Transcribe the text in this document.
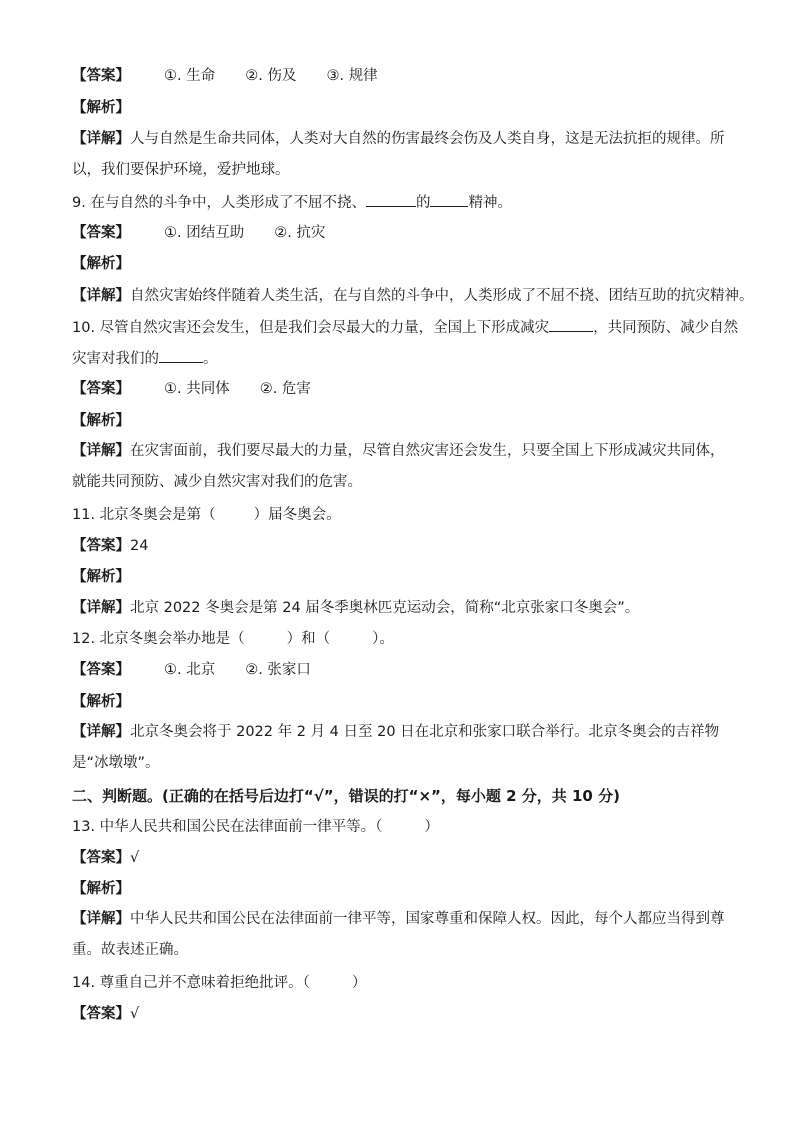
【答案】 ①. 生命 ②. 伤及 ③. 规律
【解析】
【详解】人与自然是生命共同体，人类对大自然的伤害最终会伤及人类自身，这是无法抗拒的规律。所以，我们要保护环境，爱护地球。
9. 在与自然的斗争中，人类形成了不屈不挠、	的	精神。
【答案】 ①. 团结互助 ②. 抗灾
【解析】
【详解】自然灾害始终伴随着人类生活，在与自然的斗争中，人类形成了不屈不挠、团结互助的抗灾精神。
10. 尽管自然灾害还会发生，但是我们会尽最大的力量，全国上下形成减灾	，共同预防、减少自然
灾害对我们的	。
【答案】 ①. 共同体 ②. 危害
【解析】
【详解】在灾害面前，我们要尽最大的力量，尽管自然灾害还会发生，只要全国上下形成减灾共同体，就能共同预防、减少自然灾害对我们的危害。
11. 北京冬奥会是第（	）届冬奥会。
【答案】24
【解析】
【详解】北京 2022 冬奥会是第 24 届冬季奥林匹克运动会，简称“北京张家口冬奥会”。
12. 北京冬奥会举办地是（	）和（	）。
【答案】 ①. 北京 ②. 张家口
【解析】
【详解】北京冬奥会将于 2022 年 2 月 4 日至 20 日在北京和张家口联合举行。北京冬奥会的吉祥物是“冰墩墩”。
二、判断题。(正确的在括号后边打“√”，错误的打“×”，每小题 2 分，共 10 分)
13. 中华人民共和国公民在法律面前一律平等。（	）
【答案】√
【解析】
【详解】中华人民共和国公民在法律面前一律平等，国家尊重和保障人权。因此，每个人都应当得到尊重。故表述正确。
14. 尊重自己并不意味着拒绝批评。（	）
【答案】√
